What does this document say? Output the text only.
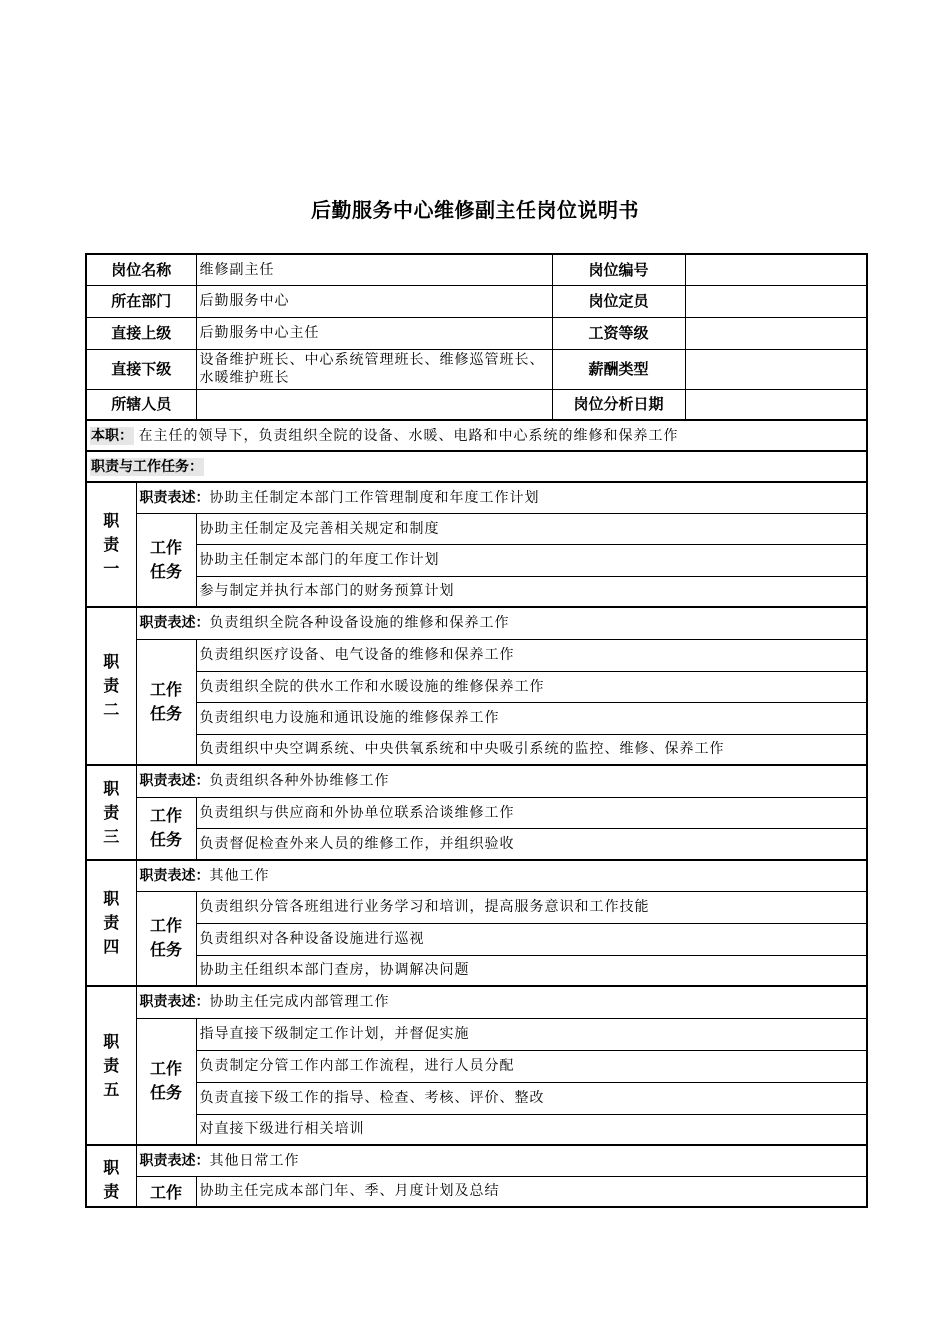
后勤服务中心维修副主任岗位说明书
岗位名称		维修副主任	岗位编号	
所在部门		后勤服务中心	岗位定员	
直接上级		后勤服务中心主任	工资等级	
直接下级		设备维护班长、中心系统管理班长、维修巡管班长、水暖维护班长	薪酬类型	
所辖人员			岗位分析日期	
本职： 在主任的领导下，负责组织全院的设备、水暖、电路和中心系统的维修和保养工作				
职责与工作任务：				
职
责
一	职责表述：协助主任制定本部门工作管理制度和年度工作计划			
	工作
任务	协助主任制定及完善相关规定和制度		
		协助主任制定本部门的年度工作计划		
		参与制定并执行本部门的财务预算计划		
职
责
二	职责表述：负责组织全院各种设备设施的维修和保养工作			
	工作
任务	负责组织医疗设备、电气设备的维修和保养工作		
		负责组织全院的供水工作和水暖设施的维修保养工作		
		负责组织电力设施和通讯设施的维修保养工作		
		负责组织中央空调系统、中央供氧系统和中央吸引系统的监控、维修、保养工作		
职
责
三	职责表述：负责组织各种外协维修工作			
	工作
任务	负责组织与供应商和外协单位联系洽谈维修工作		
		负责督促检查外来人员的维修工作，并组织验收		
职
责
四	职责表述：其他工作			
	工作
任务	负责组织分管各班组进行业务学习和培训，提高服务意识和工作技能		
		负责组织对各种设备设施进行巡视		
		协助主任组织本部门查房，协调解决问题		
职
责
五	职责表述：协助主任完成内部管理工作			
	工作
任务	指导直接下级制定工作计划，并督促实施		
		负责制定分管工作内部工作流程，进行人员分配		
		负责直接下级工作的指导、检查、考核、评价、整改		
		对直接下级进行相关培训		
职
责	职责表述：其他日常工作			
	工作	协助主任完成本部门年、季、月度计划及总结		
